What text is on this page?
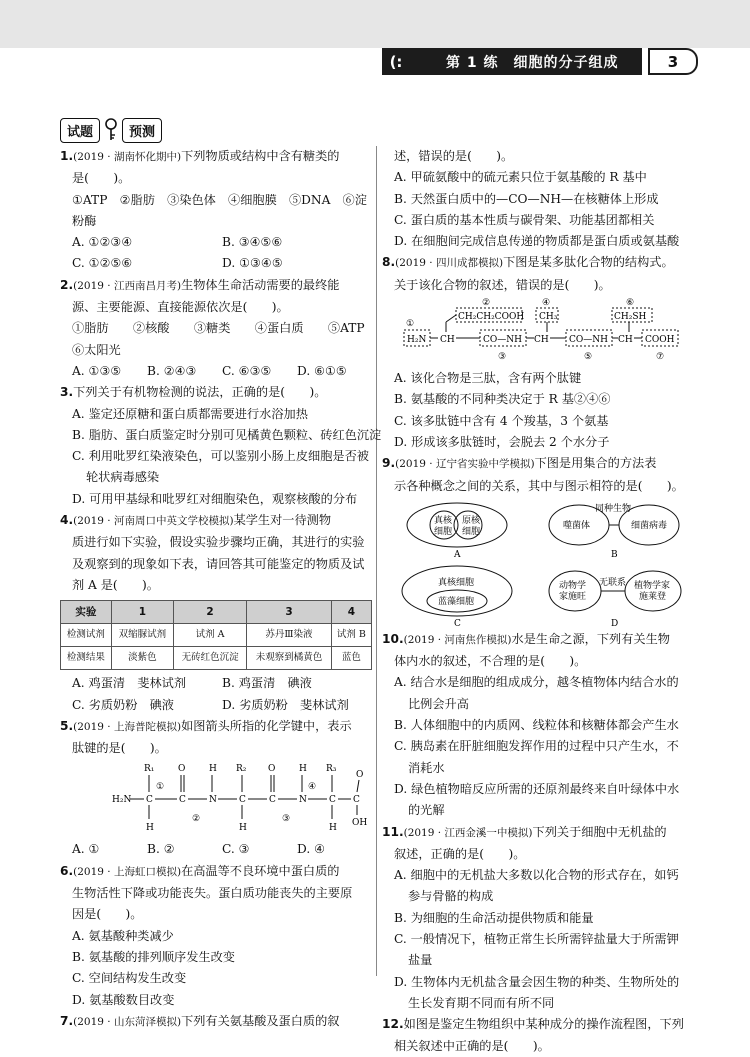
(:	第 1 练　细胞的分子组成	3
试题	预测
1.(2019 · 湖南怀化期中)下列物质或结构中含有糖类的
是(　　)。
①ATP　②脂肪　③染色体　④细胞膜　⑤DNA　⑥淀
粉酶
A. ①②③④	B. ③④⑤⑥
C. ①②⑤⑥	D. ①③④⑤
2.(2019 · 江西南昌月考)生物体生命活动需要的最终能
源、主要能源、直接能源依次是(　　)。
①脂肪　　②核酸　　③糖类　　④蛋白质　　⑤ATP
⑥太阳光
A. ①③⑤	B. ②④③	C. ⑥③⑤	D. ⑥①⑤
3.下列关于有机物检测的说法，正确的是(　　)。
A. 鉴定还原糖和蛋白质都需要进行水浴加热
B. 脂肪、蛋白质鉴定时分别可见橘黄色颗粒、砖红色沉淀
C. 利用吡罗红染液染色，可以鉴别小肠上皮细胞是否被
轮状病毒感染
D. 可用甲基绿和吡罗红对细胞染色，观察核酸的分布
4.(2019 · 河南周口中英文学校模拟)某学生对一待测物
质进行如下实验，假设实验步骤均正确，其进行的实验
及观察到的现象如下表，请回答其可能鉴定的物质及试
剂 A 是(　　)。
实验	1	2	3	4
检测试剂	双缩脲试剂	试剂 A	苏丹Ⅲ染液	试剂 B
检测结果	淡紫色	无砖红色沉淀	未观察到橘黄色	蓝色
A. 鸡蛋清　斐林试剂	B. 鸡蛋清　碘液
C. 劣质奶粉　碘液	D. 劣质奶粉　斐林试剂
5.(2019 · 上海普陀模拟)如图箭头所指的化学键中，表示
肽键的是(　　)。
H₂N C
R₁
H
①
C
O
②
N
H
C
R₂
H
C
O
③
N
H
④
C
R₃
H
C
O
OH
A. ①	B. ②	C. ③	D. ④
6.(2019 · 上海虹口模拟)在高温等不良环境中蛋白质的
生物活性下降或功能丧失。蛋白质功能丧失的主要原
因是(　　)。
A. 氨基酸种类减少
B. 氨基酸的排列顺序发生改变
C. 空间结构发生改变
D. 氨基酸数目改变
7.(2019 · 山东菏泽模拟)下列有关氨基酸及蛋白质的叙
述，错误的是(　　)。
A. 甲硫氨酸中的硫元素只位于氨基酸的 R 基中
B. 天然蛋白质中的—CO—NH—在核糖体上形成
C. 蛋白质的基本性质与碳骨架、功能基团都相关
D. 在细胞间完成信息传递的物质都是蛋白质或氨基酸
8.(2019 · 四川成都模拟)下图是某多肽化合物的结构式。
关于该化合物的叙述，错误的是(　　)。
①
②
③
④
⑤
⑥
⑦
H₂N CH
CH₂CH₂COOH
CO—NH CH
CH₃
CO—NH CH
CH₂SH
COOH
A. 该化合物是三肽，含有两个肽键
B. 氨基酸的不同种类决定于 R 基②④⑥
C. 该多肽链中含有 4 个羧基，3 个氨基
D. 形成该多肽链时，会脱去 2 个水分子
9.(2019 · 辽宁省实验中学模拟)下图是用集合的方法表
示各种概念之间的关系，其中与图示相符的是(　　)。
真核
细胞
原核
细胞
A
噬菌体
同种生物
细菌病毒
B
真核细胞
蓝藻细胞
C
动物学
家施旺
无联系 植物学家
施莱登
D
10.(2019 · 河南焦作模拟)水是生命之源，下列有关生物
体内水的叙述，不合理的是(　　)。
A. 结合水是细胞的组成成分，越冬植物体内结合水的
比例会升高
B. 人体细胞中的内质网、线粒体和核糖体都会产生水
C. 胰岛素在肝脏细胞发挥作用的过程中只产生水，不
消耗水
D. 绿色植物暗反应所需的还原剂最终来自叶绿体中水
的光解
11.(2019 · 江西金溪一中模拟)下列关于细胞中无机盐的
叙述，正确的是(　　)。
A. 细胞中的无机盐大多数以化合物的形式存在，如钙
参与骨骼的构成
B. 为细胞的生命活动提供物质和能量
C. 一般情况下，植物正常生长所需锌盐量大于所需钾
盐量
D. 生物体内无机盐含量会因生物的种类、生物所处的
生长发育期不同而有所不同
12.如图是鉴定生物组织中某种成分的操作流程图，下列
相关叙述中正确的是(　　)。
